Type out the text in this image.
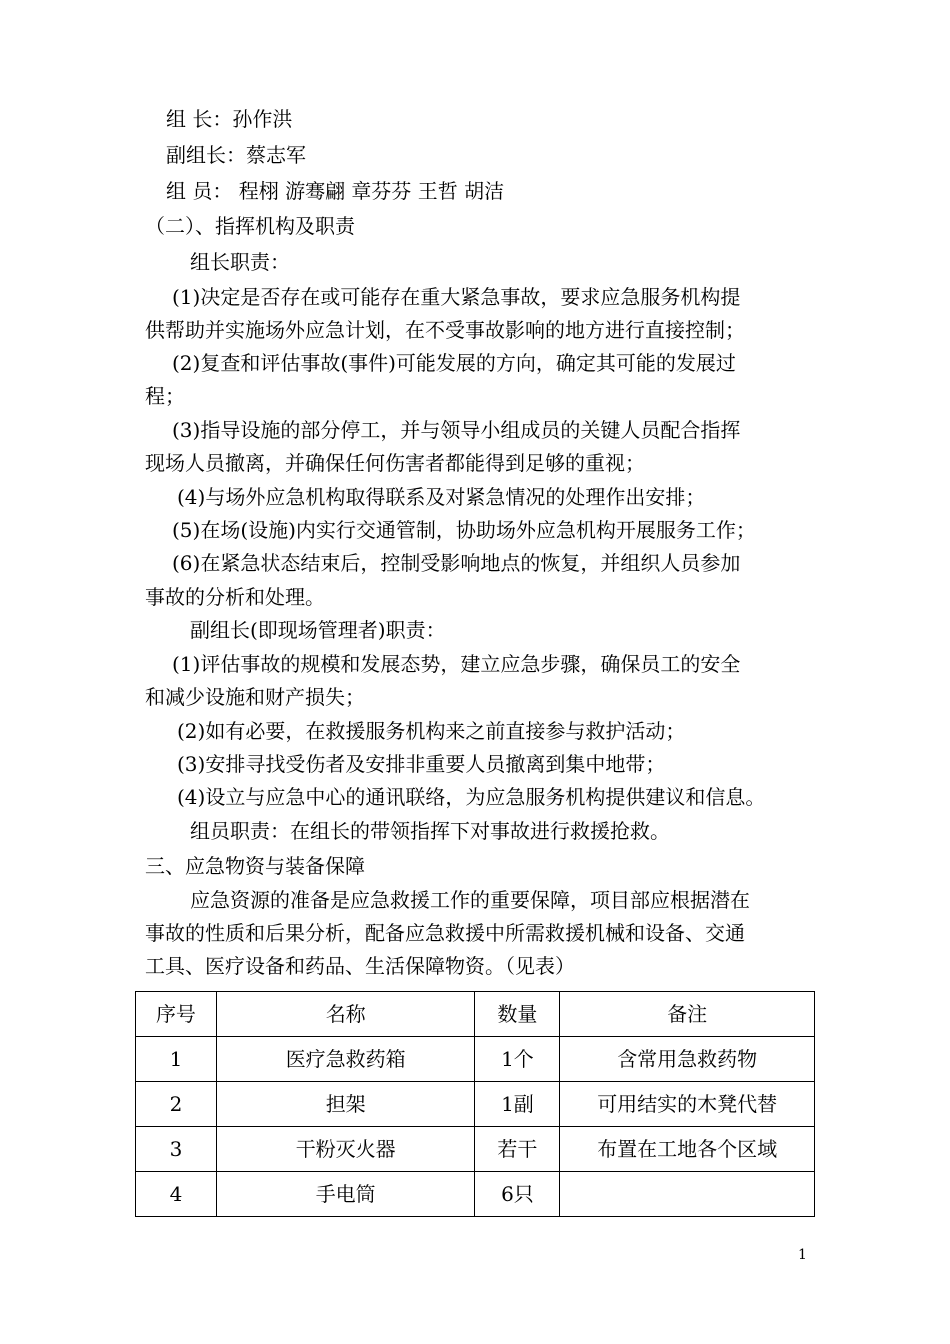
组 长：孙作洪
副组长：蔡志军
组 员： 程栩 游骞翩 章芬芬 王哲 胡洁
（二）、指挥机构及职责
组长职责：
(1)决定是否存在或可能存在重大紧急事故，要求应急服务机构提
供帮助并实施场外应急计划，在不受事故影响的地方进行直接控制；
(2)复查和评估事故(事件)可能发展的方向，确定其可能的发展过
程；
(3)指导设施的部分停工，并与领导小组成员的关键人员配合指挥
现场人员撤离，并确保任何伤害者都能得到足够的重视；
(4)与场外应急机构取得联系及对紧急情况的处理作出安排；
(5)在场(设施)内实行交通管制，协助场外应急机构开展服务工作；
(6)在紧急状态结束后，控制受影响地点的恢复，并组织人员参加
事故的分析和处理。
副组长(即现场管理者)职责：
(1)评估事故的规模和发展态势，建立应急步骤，确保员工的安全
和减少设施和财产损失；
(2)如有必要，在救援服务机构来之前直接参与救护活动；
(3)安排寻找受伤者及安排非重要人员撤离到集中地带；
(4)设立与应急中心的通讯联络，为应急服务机构提供建议和信息。
组员职责：在组长的带领指挥下对事故进行救援抢救。
三、应急物资与装备保障
应急资源的准备是应急救援工作的重要保障，项目部应根据潜在
事故的性质和后果分析，配备应急救援中所需救援机械和设备、交通
工具、医疗设备和药品、生活保障物资。（见表）
序号	名称	数量	备注
1	医疗急救药箱	1个	含常用急救药物
2	担架	1副	可用结实的木凳代替
3	干粉灭火器	若干	布置在工地各个区域
4	手电筒	6只	
1
